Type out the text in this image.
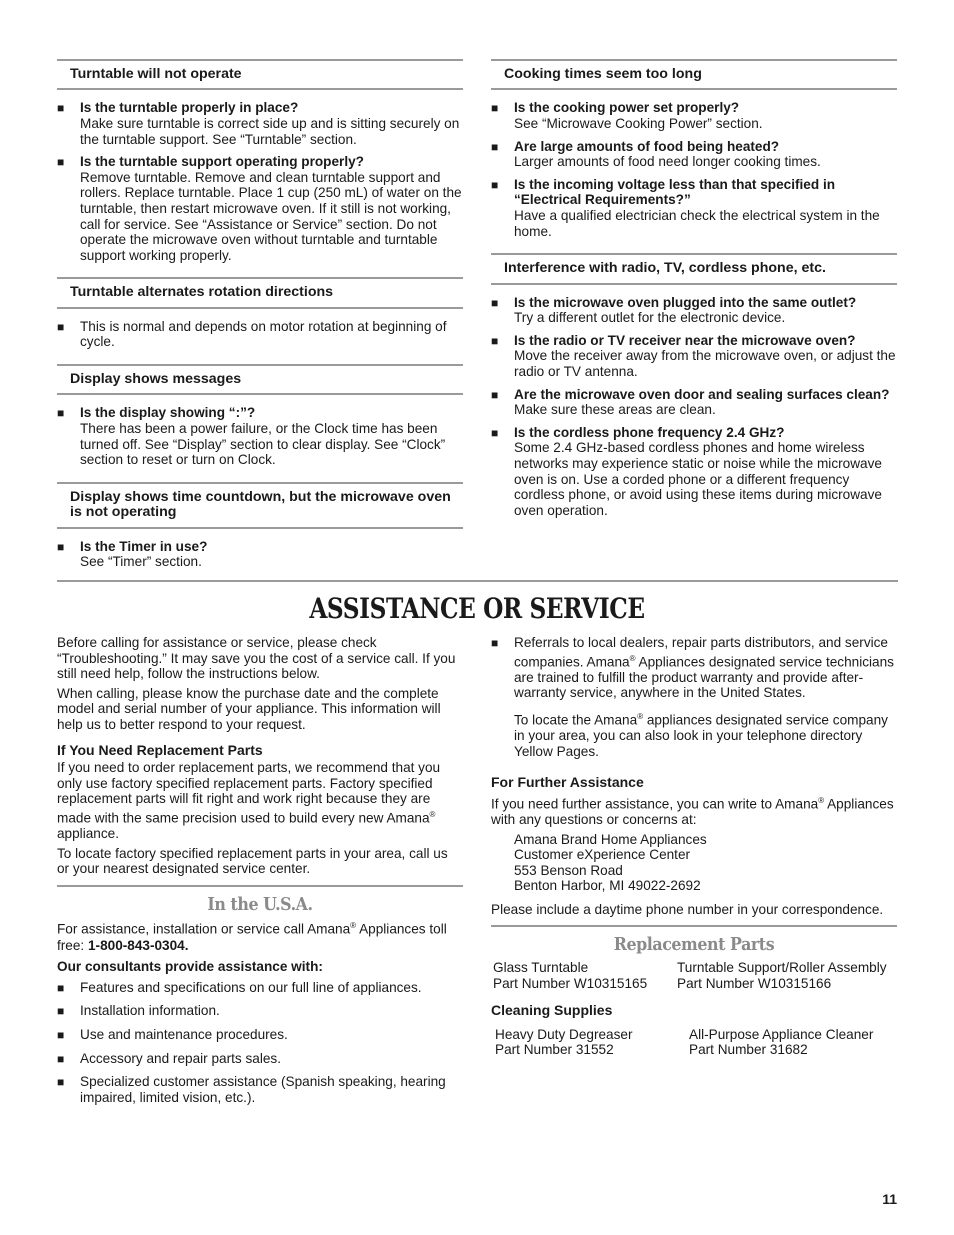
Turntable will not operate
■ Is the turntable properly in place?
Make sure turntable is correct side up and is sitting securely on the turntable support. See “Turntable” section.
■ Is the turntable support operating properly?
Remove turntable. Remove and clean turntable support and rollers. Replace turntable. Place 1 cup (250 mL) of water on the turntable, then restart microwave oven. If it still is not working, call for service. See “Assistance or Service” section. Do not operate the microwave oven without turntable and turntable support working properly.
Turntable alternates rotation directions
■ This is normal and depends on motor rotation at beginning of cycle.
Display shows messages
■ Is the display showing “:”?
There has been a power failure, or the Clock time has been turned off. See “Display” section to clear display. See “Clock” section to reset or turn on Clock.
Display shows time countdown, but the microwave oven is not operating
■ Is the Timer in use?
See “Timer” section.
Cooking times seem too long
■ Is the cooking power set properly?
See “Microwave Cooking Power” section.
■ Are large amounts of food being heated?
Larger amounts of food need longer cooking times.
■ Is the incoming voltage less than that specified in “Electrical Requirements?”
Have a qualified electrician check the electrical system in the home.
Interference with radio, TV, cordless phone, etc.
■ Is the microwave oven plugged into the same outlet?
Try a different outlet for the electronic device.
■ Is the radio or TV receiver near the microwave oven?
Move the receiver away from the microwave oven, or adjust the radio or TV antenna.
■ Are the microwave oven door and sealing surfaces clean?
Make sure these areas are clean.
■ Is the cordless phone frequency 2.4 GHz?
Some 2.4 GHz-based cordless phones and home wireless networks may experience static or noise while the microwave oven is on. Use a corded phone or a different frequency cordless phone, or avoid using these items during microwave oven operation.
ASSISTANCE OR SERVICE

Before calling for assistance or service, please check “Troubleshooting.” It may save you the cost of a service call. If you still need help, follow the instructions below.

When calling, please know the purchase date and the complete model and serial number of your appliance. This information will help us to better respond to your request.

If You Need Replacement Parts

If you need to order replacement parts, we recommend that you only use factory specified replacement parts. Factory specified replacement parts will fit right and work right because they are made with the same precision used to build every new Amana® appliance.

To locate factory specified replacement parts in your area, call us or your nearest designated service center.

In the U.S.A.

For assistance, installation or service call Amana® Appliances toll free: 1-800-843-0304.

Our consultants provide assistance with:
■ Features and specifications on our full line of appliances.
■ Installation information.
■ Use and maintenance procedures.
■ Accessory and repair parts sales.
■ Specialized customer assistance (Spanish speaking, hearing impaired, limited vision, etc.).
■ Referrals to local dealers, repair parts distributors, and service companies. Amana® Appliances designated service technicians are trained to fulfill the product warranty and provide after-warranty service, anywhere in the United States.

To locate the Amana® appliances designated service company in your area, you can also look in your telephone directory Yellow Pages.

For Further Assistance

If you need further assistance, you can write to Amana® Appliances with any questions or concerns at:

Amana Brand Home Appliances
Customer eXperience Center
553 Benson Road
Benton Harbor, MI 49022-2692

Please include a daytime phone number in your correspondence.

Replacement Parts
Glass Turntable
Part Number W10315165
Turntable Support/Roller Assembly
Part Number W10315166
Cleaning Supplies
Heavy Duty Degreaser
Part Number 31552
All-Purpose Appliance Cleaner
Part Number 31682
11
